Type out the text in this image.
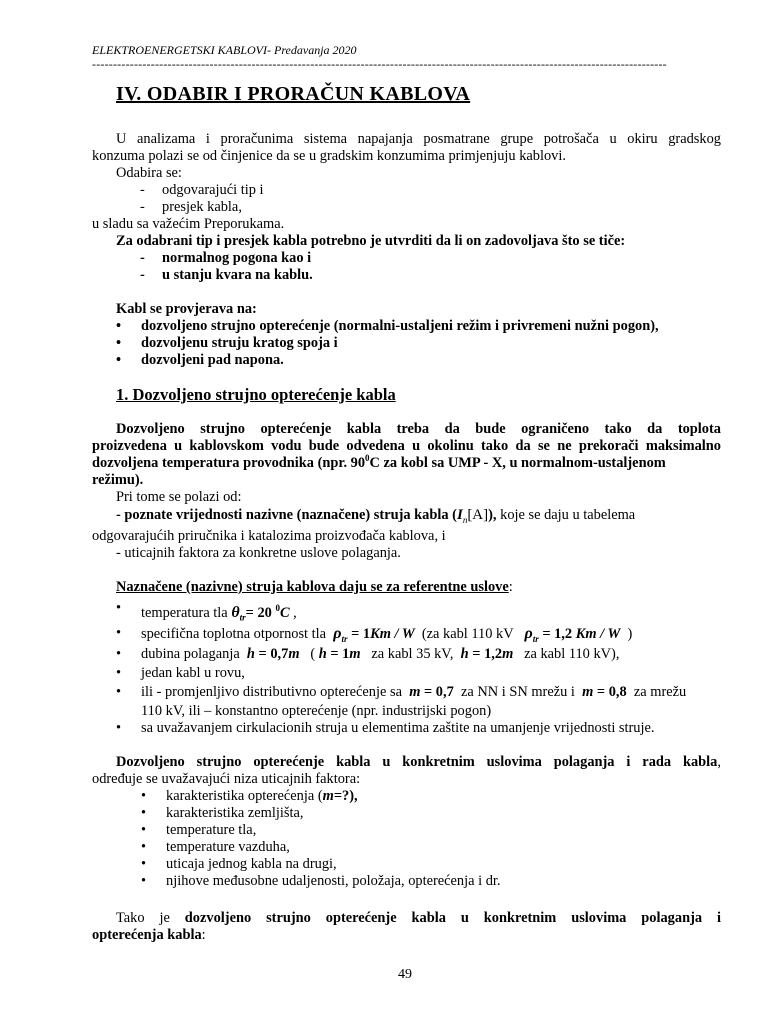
ELEKTROENERGETSKI KABLOVI- Predavanja 2020
-----------------------------------------------------------------------------------------------------------------------------------------
IV. ODABIR I PRORAČUN KABLOVA
U analizama i proračunima sistema napajanja posmatrane grupe potrošača u okiru gradskog
konzuma polazi se od činjenice da se u gradskim konzumima primjenjuju kablovi.
Odabira se:
- odgovarajući tip i
- presjek kabla,
u sladu sa važećim Preporukama.
Za odabrani tip i presjek kabla potrebno je utvrditi da li on zadovoljava što se tiče:
- normalnog pogona kao i
- u stanju kvara na kablu.
Kabl se provjerava na:
• dozvoljeno strujno opterećenje (normalni-ustaljeni režim i privremeni nužni pogon),
• dozvoljenu struju kratog spoja i
• dozvoljeni pad napona.
1. Dozvoljeno strujno opterećenje kabla
Dozvoljeno strujno opterećenje kabla treba da bude ograničeno tako da toplota
proizvedena u kablovskom vodu bude odvedena u okolinu tako da se ne prekorači maksimalno
dozvoljena temperatura provodnika (npr. $90^0C$ za kobl sa UMP - X, u normalnom-ustaljenom
režimu).
Pri tome se polazi od:
- poznate vrijednosti nazivne (naznačene) struja kabla $(I_n[A])$, koje se daju u tabelema
odgovarajućih priručnika i katalozima proizvođača kablova, i
- uticajnih faktora za konkretne uslove polaganja.
Naznačene (nazivne) struja kablova daju se za referentne uslove:
• temperatura tla $\theta_{tr}= 20$ $^0$C ,
• specifična toplotna otpornost tla $\rho_{tr} = 1Km / W$ (za kabl 110 kV $\rho_{tr} = 1,2$ Km / W )
• dubina polaganja h = 0,7m ( h = 1m za kabl 35 kV, h = 1,2m za kabl 110 kV),
• jedan kabl u rovu,
• ili - promjenljivo distributivno opterećenje sa m = 0,7 za NN i SN mrežu i m = 0,8 za mrežu
110 kV, ili – konstantno opterećenje (npr. industrijski pogon)
• sa uvažavanjem cirkulacionih struja u elementima zaštite na umanjenje vrijednosti struje.
Dozvoljeno strujno opterećenje kabla u konkretnim uslovima polaganja i rada kabla,
određuje se uvažavajući niza uticajnih faktora:
• karakteristika opterećenja (m=?),
• karakteristika zemljišta,
• temperature tla,
• temperature vazduha,
• uticaja jednog kabla na drugi,
• njihove međusobne udaljenosti, položaja, opterećenja i dr.
Tako je dozvoljeno strujno opterećenje kabla u konkretnim uslovima polaganja i
opterećenja kabla:
49
